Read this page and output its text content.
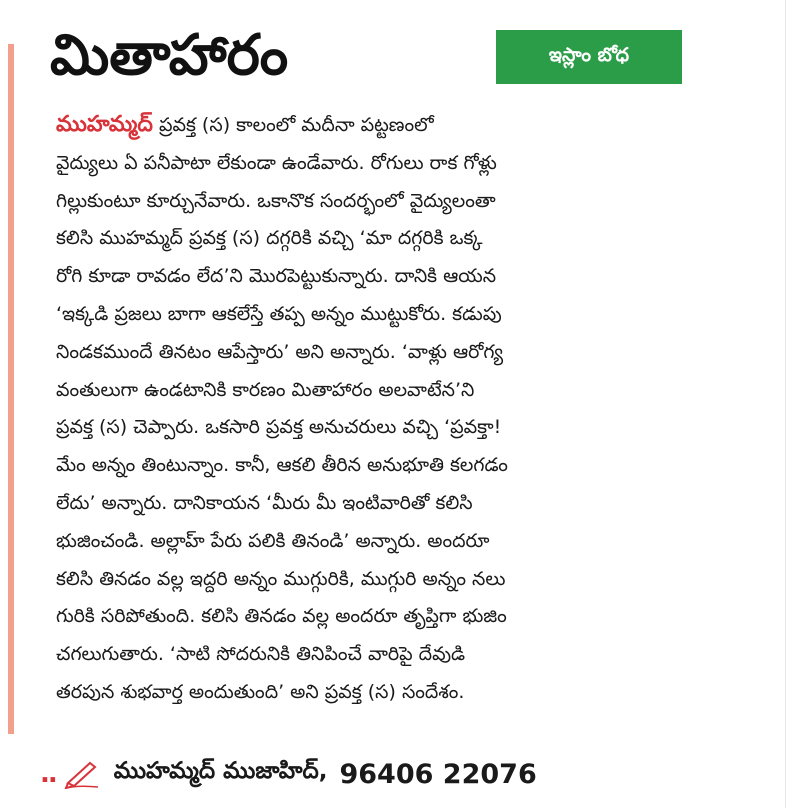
మితాహారం	ఇస్లాం బోధ
ముహమ్మద్ ప్రవక్త (స) కాలంలో మదీనా పట్టణంలో
వైద్యులు ఏ పనీపాటా లేకుండా ఉండేవారు. రోగులు రాక గోళ్లు
గిల్లుకుంటూ కూర్చునేవారు. ఒకానొక సందర్భంలో వైద్యులంతా
కలిసి ముహమ్మద్ ప్రవక్త (స) దగ్గరికి వచ్చి ‘మా దగ్గరికి ఒక్క
రోగి కూడా రావడం లేద’ని మొరపెట్టుకున్నారు. దానికి ఆయన
‘ఇక్కడి ప్రజలు బాగా ఆకలేస్తే తప్ప అన్నం ముట్టుకోరు. కడుపు
నిండకముందే తినటం ఆపేస్తారు’ అని అన్నారు. ‘వాళ్లు ఆరోగ్య
వంతులుగా ఉండటానికి కారణం మితాహారం అలవాటేన’ని
ప్రవక్త (స) చెప్పారు. ఒకసారి ప్రవక్త అనుచరులు వచ్చి ‘ప్రవక్తా!
మేం అన్నం తింటున్నాం. కానీ, ఆకలి తీరిన అనుభూతి కలగడం
లేదు’ అన్నారు. దానికాయన ‘మీరు మీ ఇంటివారితో కలిసి
భుజించండి. అల్లాహ్ పేరు పలికి తినండి’ అన్నారు. అందరూ
కలిసి తినడం వల్ల ఇద్దరి అన్నం ముగ్గురికి, ముగ్గురి అన్నం నలు
గురికి సరిపోతుంది. కలిసి తినడం వల్ల అందరూ తృప్తిగా భుజిం
చగలుగుతారు. ‘సాటి సోదరునికి తినిపించే వారిపై దేవుడి
తరపున శుభవార్త అందుతుంది’ అని ప్రవక్త (స) సందేశం.
..	ముహమ్మద్ ముజాహిద్, 96406 22076
